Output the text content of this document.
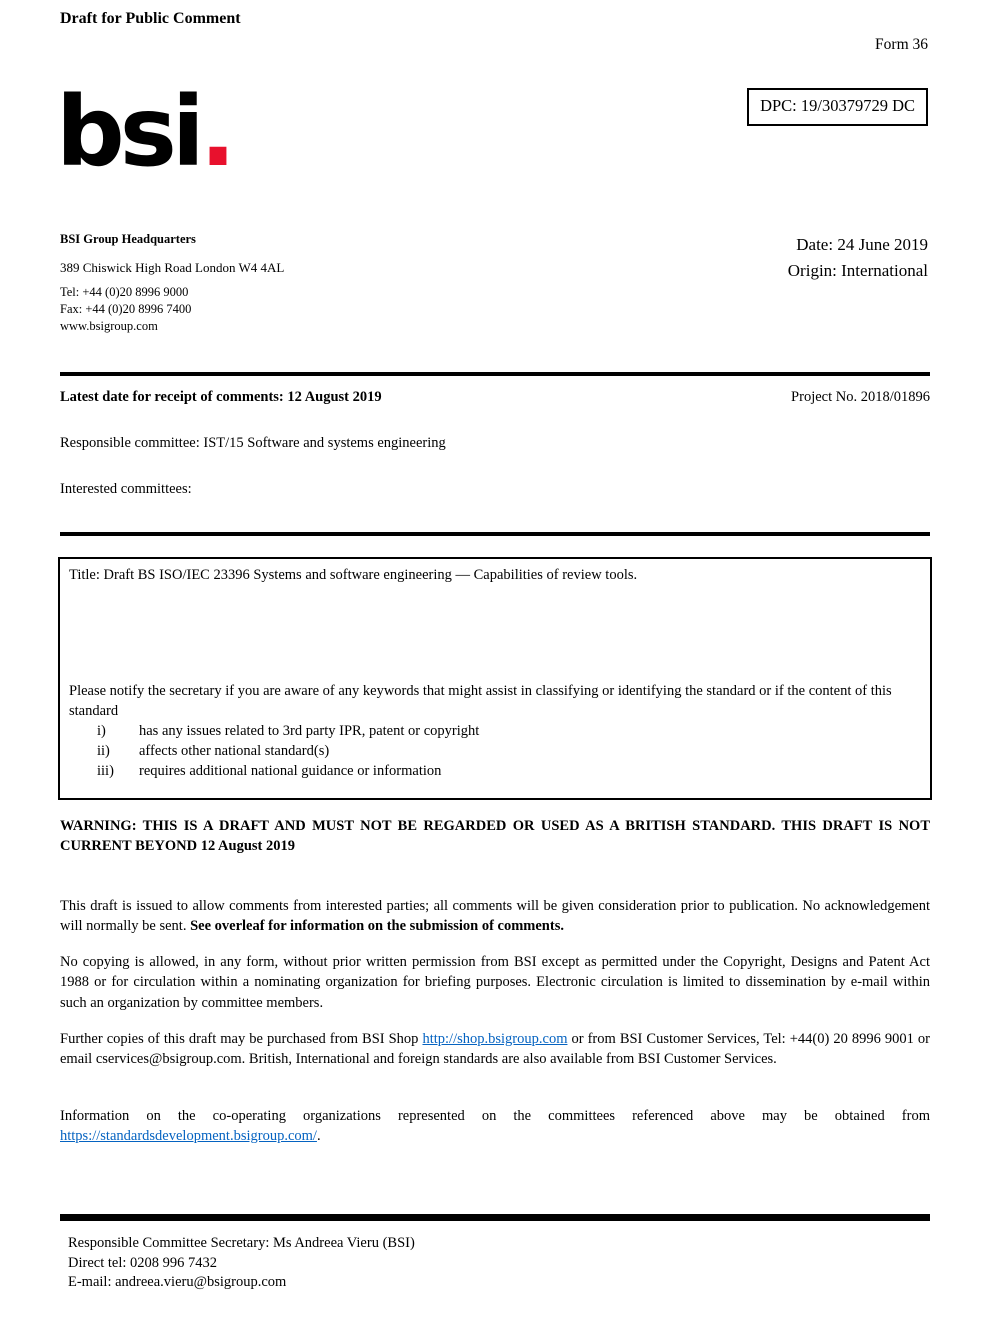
Draft for Public Comment
Form 36
DPC: 19/30379729 DC
bsi.
BSI Group Headquarters
389 Chiswick High Road London W4 4AL
Tel: +44 (0)20 8996 9000
Fax: +44 (0)20 8996 7400
www.bsigroup.com
Date: 24 June 2019
Origin: International
Latest date for receipt of comments: 12 August 2019	Project No. 2018/01896
Responsible committee: IST/15 Software and systems engineering
Interested committees:
Title: Draft BS ISO/IEC 23396 Systems and software engineering — Capabilities of review tools.
Please notify the secretary if you are aware of any keywords that might assist in classifying or identifying the standard or if the content of this standard
i)	has any issues related to 3rd party IPR, patent or copyright
ii)	affects other national standard(s)
iii)	requires additional national guidance or information
WARNING: THIS IS A DRAFT AND MUST NOT BE REGARDED OR USED AS A BRITISH STANDARD. THIS DRAFT IS NOT CURRENT BEYOND 12 August 2019

This draft is issued to allow comments from interested parties; all comments will be given consideration prior to publication. No acknowledgement will normally be sent. See overleaf for information on the submission of comments.

No copying is allowed, in any form, without prior written permission from BSI except as permitted under the Copyright, Designs and Patent Act 1988 or for circulation within a nominating organization for briefing purposes. Electronic circulation is limited to dissemination by e-mail within such an organization by committee members.

Further copies of this draft may be purchased from BSI Shop http://shop.bsigroup.com or from BSI Customer Services, Tel: +44(0) 20 8996 9001 or email cservices@bsigroup.com. British, International and foreign standards are also available from BSI Customer Services.

Information on the co-operating organizations represented on the committees referenced above may be obtained from https://standardsdevelopment.bsigroup.com/.

Responsible Committee Secretary: Ms Andreea Vieru (BSI)
Direct tel: 0208 996 7432
E-mail: andreea.vieru@bsigroup.com
